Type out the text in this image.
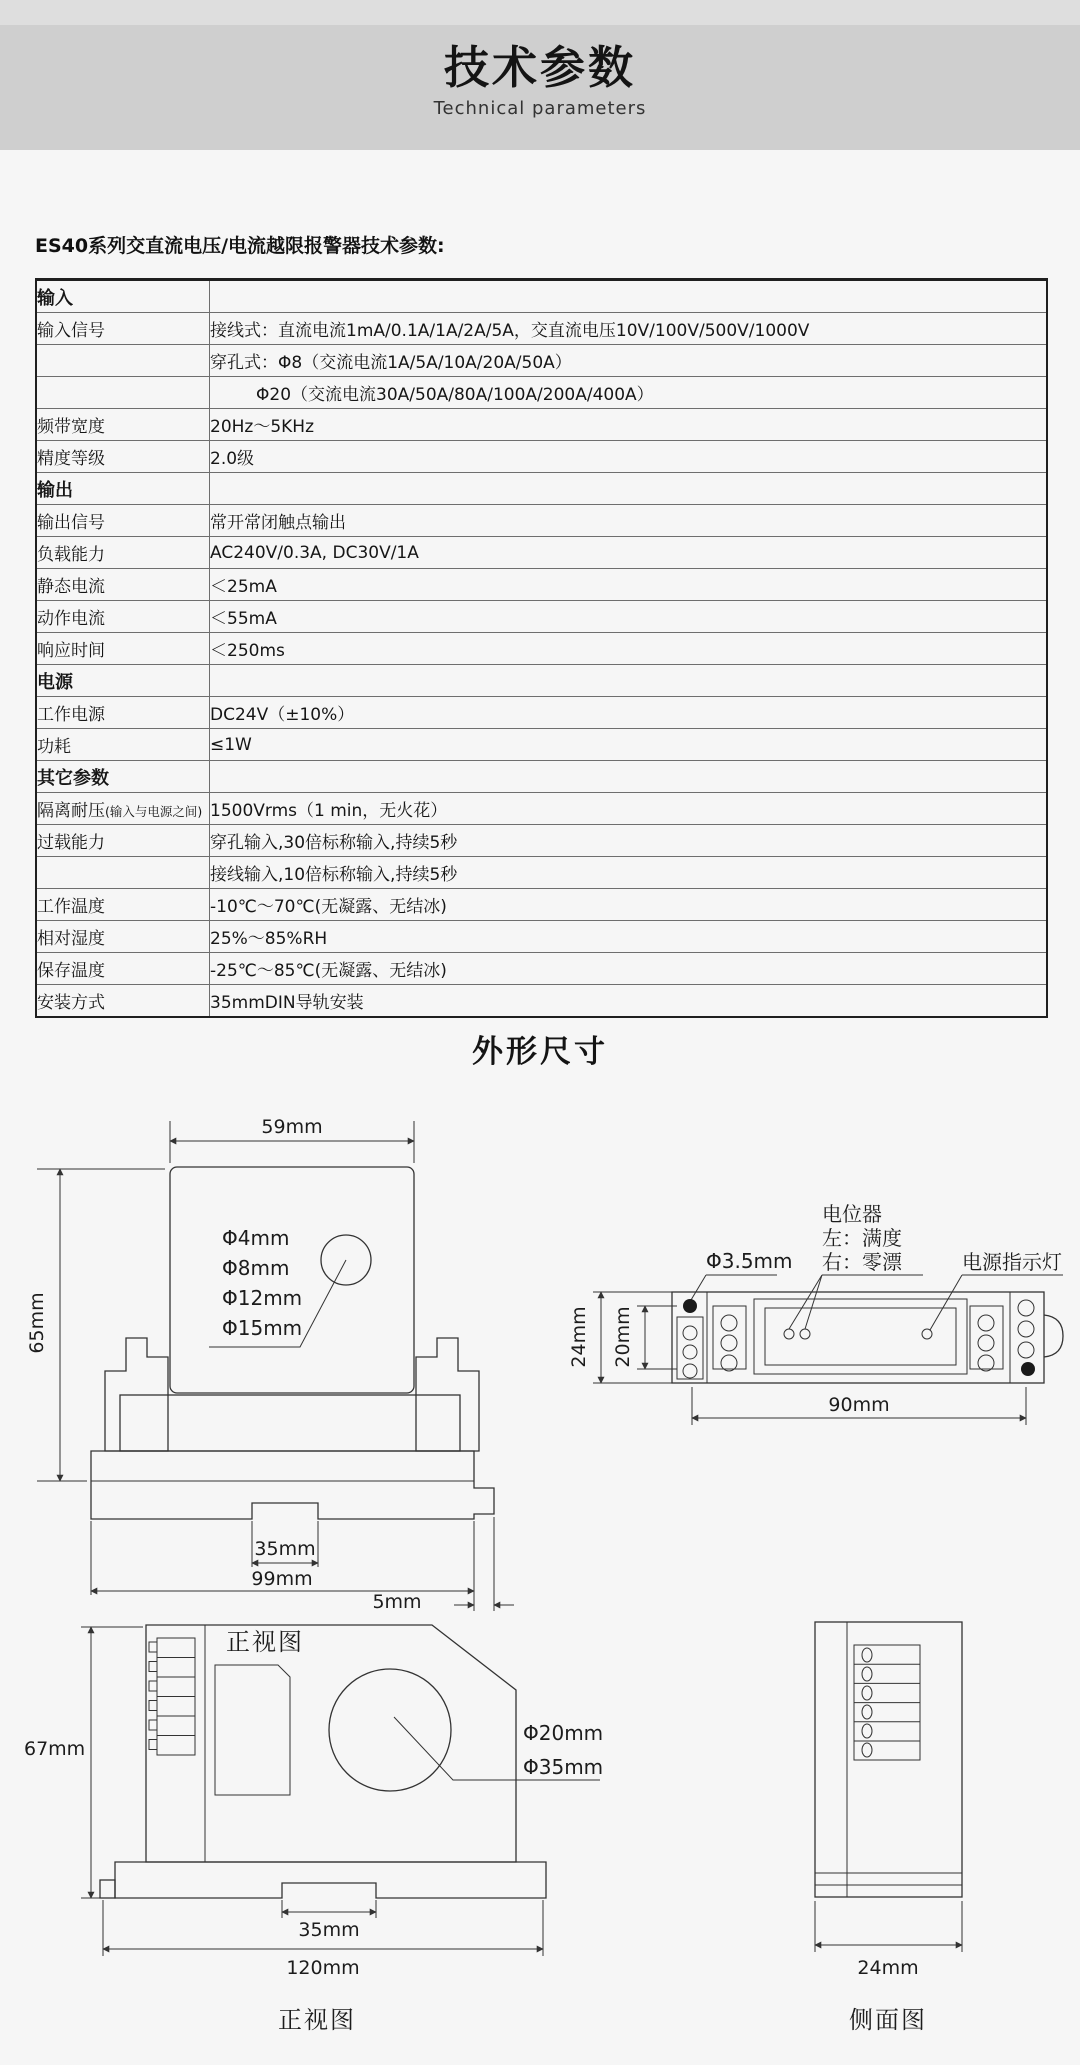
技术参数

Technical parameters

ES40系列交直流电压/电流越限报警器技术参数:
输入	
输入信号	接线式：直流电流1mA/0.1A/1A/2A/5A，交直流电压10V/100V/500V/1000V
	穿孔式：Φ8（交流电流1A/5A/10A/20A/50A）
	Φ20（交流电流30A/50A/80A/100A/200A/400A）
频带宽度	20Hz～5KHz
精度等级	2.0级
输出	
输出信号	常开常闭触点输出
负载能力	AC240V/0.3A, DC30V/1A
静态电流	＜25mA
动作电流	＜55mA
响应时间	＜250ms
电源	
工作电源	DC24V（±10%）
功耗	≤1W
其它参数	
隔离耐压(输入与电源之间)	1500Vrms（1 min，无火花）
过载能力	穿孔输入,30倍标称输入,持续5秒
	接线输入,10倍标称输入,持续5秒
工作温度	-10℃～70℃(无凝露、无结冰)
相对湿度	25%～85%RH
保存温度	-25℃～85℃(无凝露、无结冰)
安装方式	35mmDIN导轨安装
外形尺寸
59mm
Φ4mm
Φ8mm
Φ12mm
Φ15mm
65mm
35mm
99mm
5mm
正视图
电位器
左：满度
右：零漂
Φ3.5mm	电源指示灯
24mm 20mm
90mm
Φ20mm
Φ35mm
67mm
35mm
120mm
正视图
24mm
侧面图
